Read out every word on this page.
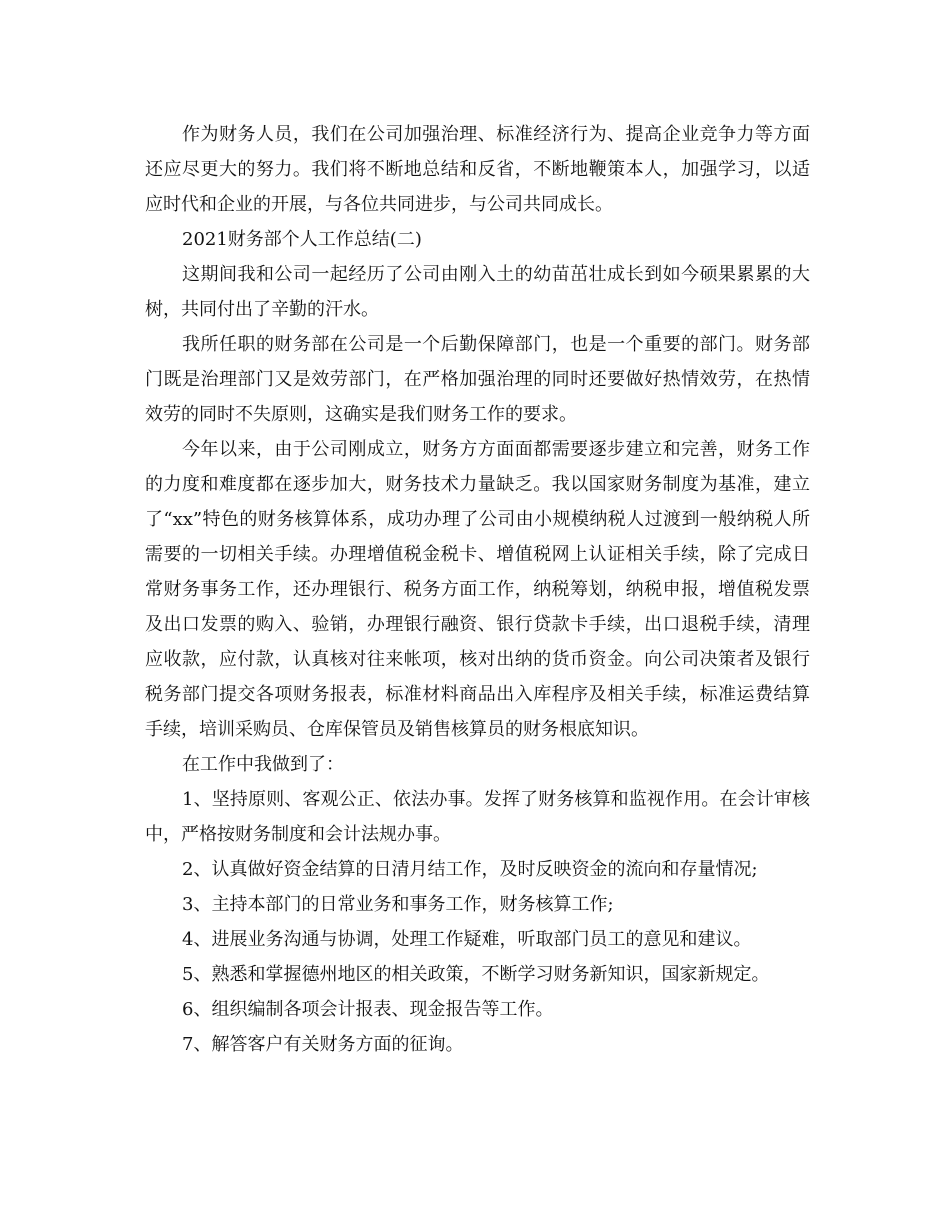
作为财务人员，我们在公司加强治理、标准经济行为、提高企业竞争力等方面还应尽更大的努力。我们将不断地总结和反省，不断地鞭策本人，加强学习，以适应时代和企业的开展，与各位共同进步，与公司共同成长。

2021财务部个人工作总结(二)

这期间我和公司一起经历了公司由刚入土的幼苗茁壮成长到如今硕果累累的大树，共同付出了辛勤的汗水。

我所任职的财务部在公司是一个后勤保障部门，也是一个重要的部门。财务部门既是治理部门又是效劳部门，在严格加强治理的同时还要做好热情效劳，在热情效劳的同时不失原则，这确实是我们财务工作的要求。

今年以来，由于公司刚成立，财务方方面面都需要逐步建立和完善，财务工作的力度和难度都在逐步加大，财务技术力量缺乏。我以国家财务制度为基准，建立了“xx”特色的财务核算体系，成功办理了公司由小规模纳税人过渡到一般纳税人所需要的一切相关手续。办理增值税金税卡、增值税网上认证相关手续，除了完成日常财务事务工作，还办理银行、税务方面工作，纳税筹划，纳税申报，增值税发票及出口发票的购入、验销，办理银行融资、银行贷款卡手续，出口退税手续，清理应收款，应付款，认真核对往来帐项，核对出纳的货币资金。向公司决策者及银行税务部门提交各项财务报表，标准材料商品出入库程序及相关手续，标准运费结算手续，培训采购员、仓库保管员及销售核算员的财务根底知识。

在工作中我做到了：

1、坚持原则、客观公正、依法办事。发挥了财务核算和监视作用。在会计审核中，严格按财务制度和会计法规办事。

2、认真做好资金结算的日清月结工作，及时反映资金的流向和存量情况;

3、主持本部门的日常业务和事务工作，财务核算工作;

4、进展业务沟通与协调，处理工作疑难，听取部门员工的意见和建议。

5、熟悉和掌握德州地区的相关政策，不断学习财务新知识，国家新规定。

6、组织编制各项会计报表、现金报告等工作。

7、解答客户有关财务方面的征询。
